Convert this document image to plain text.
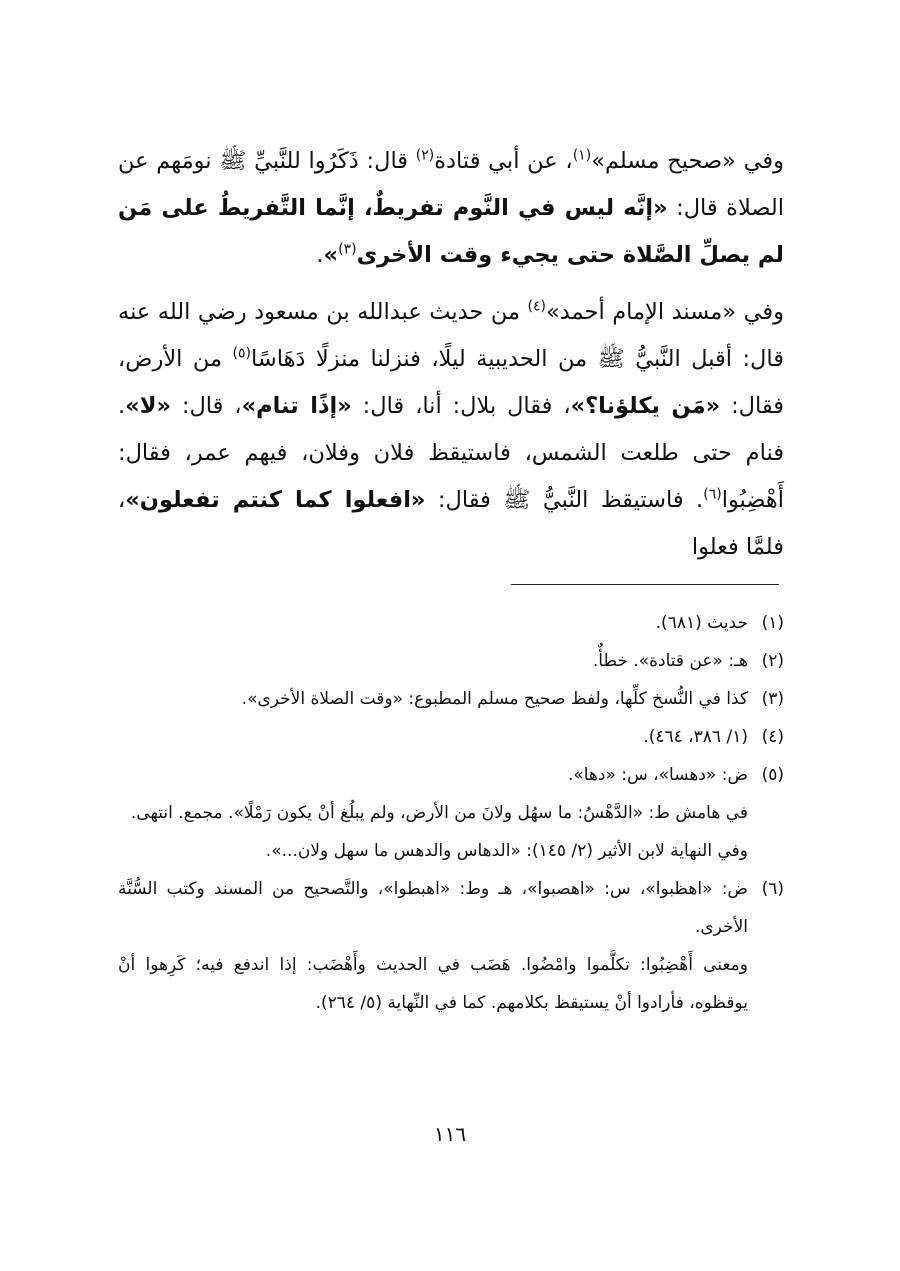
وفي «صحيح مسلم»$^{(١)}$، عن أبي قتادة$^{(٢)}$ قال: ذَكَرُوا للنَّبيِّ ﷺ نومَهم عن الصلاة قال: «إنَّه ليس في النَّوم تفريطٌ، إنَّما التَّفريطُ على مَن لم يصلِّ الصَّلاة حتى يجيء وقت الأخرى$^{(٣)}$».

وفي «مسند الإمام أحمد»$^{(٤)}$ من حديث عبدالله بن مسعود رضي الله عنه قال: أقبل النَّبيُّ ﷺ من الحديبية ليلًا، فنزلنا منزلًا دَهَاسًا$^{(٥)}$ من الأرض، فقال: «مَن يكلؤنا؟»، فقال بلال: أنا، قال: «إذًا تنام»، قال: «لا». فنام حتى طلعت الشمس، فاستيقظ فلان وفلان، فيهم عمر، فقال: أَهْضِبُوا$^{(٦)}$. فاستيقظ النَّبيُّ ﷺ فقال: «افعلوا كما كنتم تفعلون»، فلمَّا فعلوا

(١)
حديث (٦٨١).
(٢)
هـ: «عن قتادة». خطأٌ.
(٣)
كذا في النُّسخ كلِّها، ولفظ صحيح مسلم المطبوع: «وقت الصلاة الأخرى».
(٤)
(١/ ٣٨٦، ٤٦٤).
(٥)
ض: «دهسا»، س: «دها».
في هامش ط: «الدَّهْسُ: ما سهُل ولانَ من الأرض، ولم يبلُغ أنْ يكون رَمْلًا». مجمع. انتهى.
وفي النهاية لابن الأثير (٢/ ١٤٥): «الدهاس والدهس ما سهل ولان...».
(٦)
ض: «اهظبوا»، س: «اهصبوا»، هـ وط: «اهبطوا»، والتَّصحيح من المسند وكتب السُّنَّة الأخرى.
ومعنى أَهْضِبُوا: تكلَّموا وامْضُوا. هَضَب في الحديث وأَهْضَب: إذا اندفع فيه؛ كَرِهوا أنْ يوقظوه، فأرادوا أنْ يستيقظ بكلامهم. كما في النِّهاية (٥/ ٢٦٤).
١١٦
